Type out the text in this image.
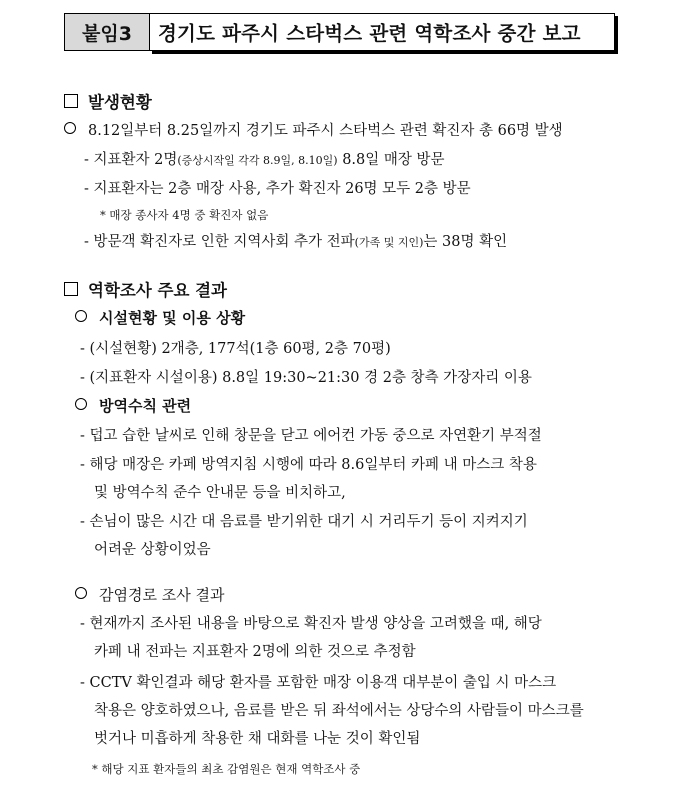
붙임3	경기도 파주시 스타벅스 관련 역학조사 중간 보고
발생현황
8.12일부터 8.25일까지 경기도 파주시 스타벅스 관련 확진자 총 66명 발생
- 지표환자 2명(증상시작일 각각 8.9일, 8.10일) 8.8일 매장 방문
- 지표환자는 2층 매장 사용, 추가 확진자 26명 모두 2층 방문
* 매장 종사자 4명 중 확진자 없음
- 방문객 확진자로 인한 지역사회 추가 전파(가족 및 지인)는 38명 확인
역학조사 주요 결과
시설현황 및 이용 상황
- (시설현황) 2개층, 177석(1층 60평, 2층 70평)
- (지표환자 시설이용) 8.8일 19:30~21:30 경 2층 창측 가장자리 이용
방역수칙 관련
- 덥고 습한 날씨로 인해 창문을 닫고 에어컨 가동 중으로 자연환기 부적절
- 해당 매장은 카페 방역지침 시행에 따라 8.6일부터 카페 내 마스크 착용
및 방역수칙 준수 안내문 등을 비치하고,
- 손님이 많은 시간 대 음료를 받기위한 대기 시 거리두기 등이 지켜지기
어려운 상황이었음
감염경로 조사 결과
- 현재까지 조사된 내용을 바탕으로 확진자 발생 양상을 고려했을 때, 해당
카페 내 전파는 지표환자 2명에 의한 것으로 추정함
- CCTV 확인결과 해당 환자를 포함한 매장 이용객 대부분이 출입 시 마스크
착용은 양호하였으나, 음료를 받은 뒤 좌석에서는 상당수의 사람들이 마스크를
벗거나 미흡하게 착용한 채 대화를 나눈 것이 확인됨
* 해당 지표 환자들의 최초 감염원은 현재 역학조사 중
